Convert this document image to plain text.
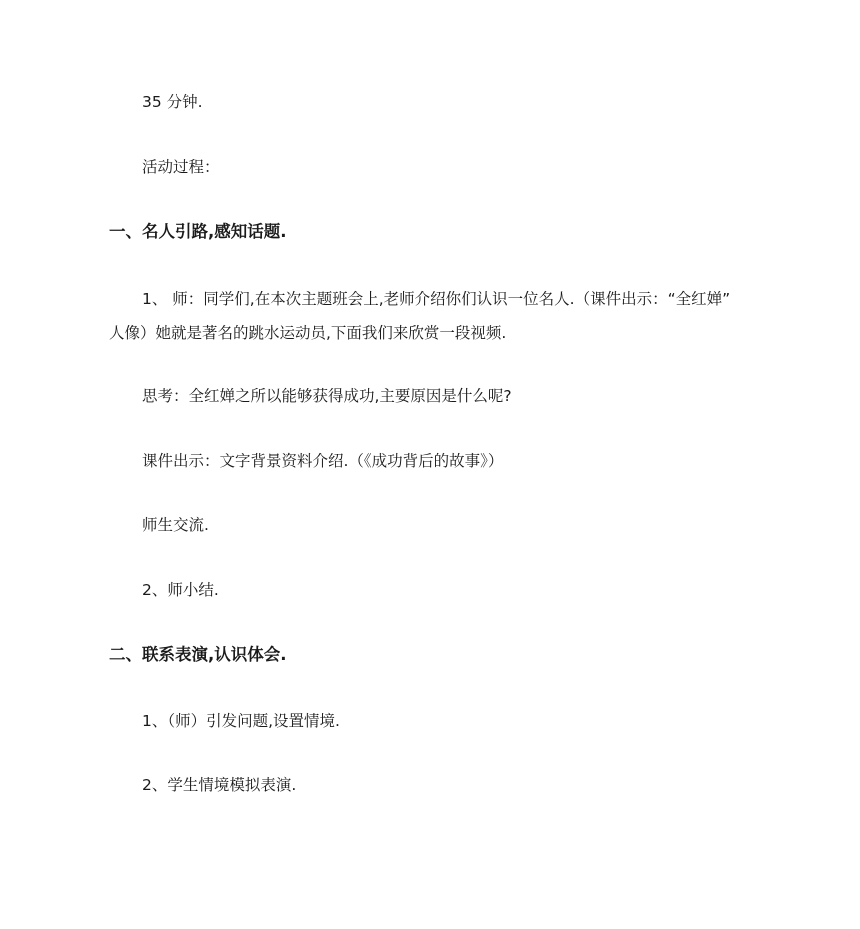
35 分钟.
活动过程：
一、名人引路,感知话题.
1、 师：同学们,在本次主题班会上,老师介绍你们认识一位名人.（课件出示：“全红婵”
人像）她就是著名的跳水运动员,下面我们来欣赏一段视频.
思考：全红婵之所以能够获得成功,主要原因是什么呢?
课件出示：文字背景资料介绍.（《成功背后的故事》）
师生交流.
2、师小结.
二、联系表演,认识体会.
1、（师）引发问题,设置情境.
2、学生情境模拟表演.
